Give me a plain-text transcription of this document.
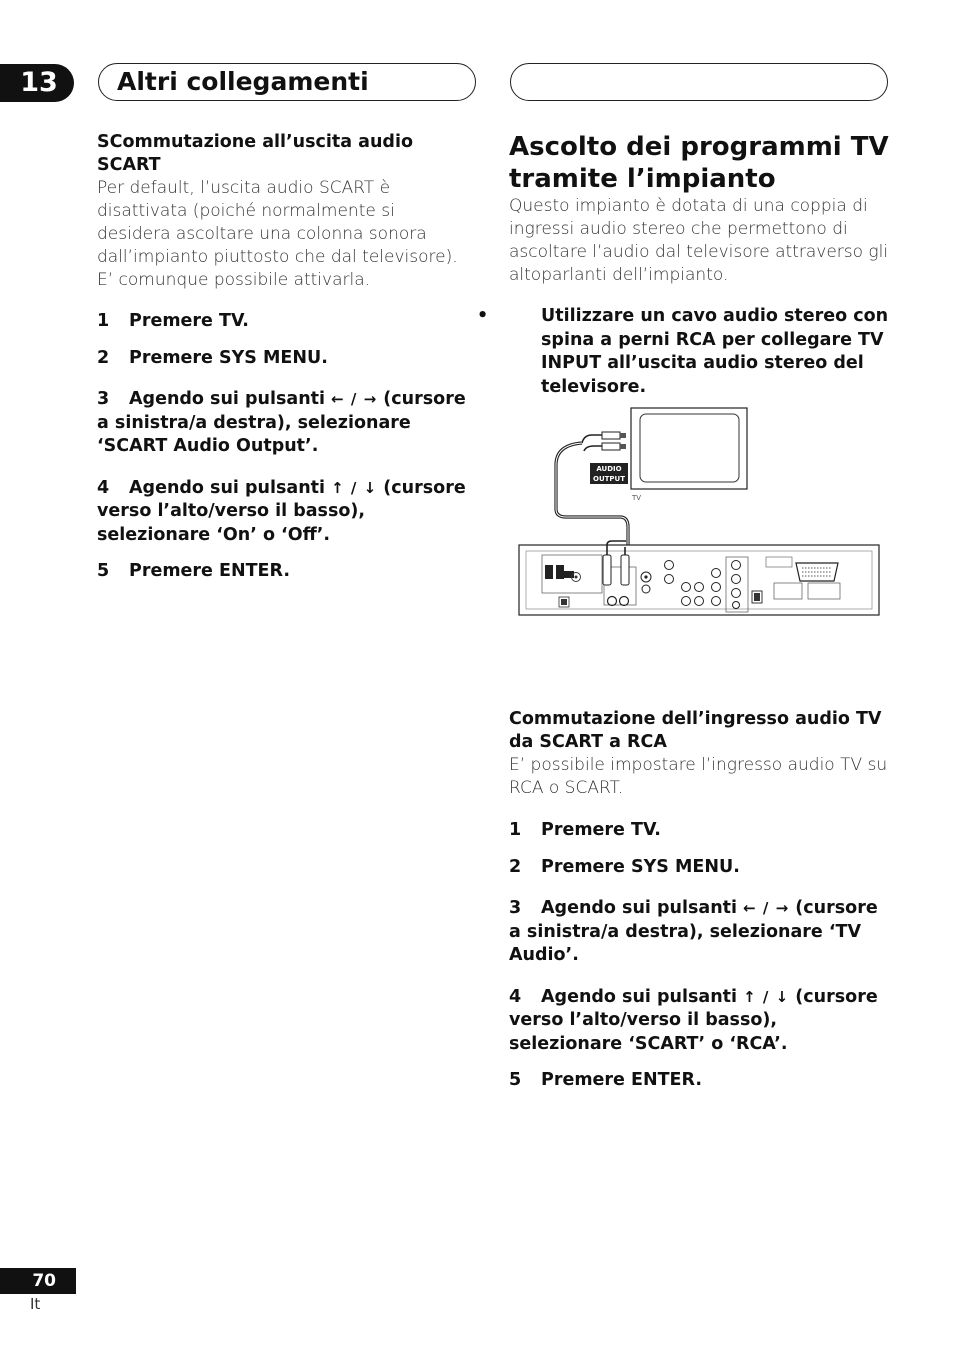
13	Altri collegamenti

SCommutazione all’uscita audio SCART

Per default, l’uscita audio SCART è disattivata (poiché normalmente si desidera ascoltare una colonna sonora dall’impianto piuttosto che dal televisore). E’ comunque possibile attivarla.

1 Premere TV.

2 Premere SYS MENU.

3 Agendo sui pulsanti ← / → (cursore a sinistra/a destra), selezionare ‘SCART Audio Output’.

4 Agendo sui pulsanti ↑ / ↓ (cursore verso l’alto/verso il basso), selezionare ‘On’ o ‘Off’.

5 Premere ENTER.

Ascolto dei programmi TV tramite l’impianto

Questo impianto è dotata di una coppia di ingressi audio stereo che permettono di ascoltare l’audio dal televisore attraverso gli altoparlanti dell’impianto.

•	Utilizzare un cavo audio stereo con spina a perni RCA per collegare TV INPUT all’uscita audio stereo del televisore.

TV
AUDIO
OUTPUT

Commutazione dell’ingresso audio TV da SCART a RCA

E’ possibile impostare l’ingresso audio TV su RCA o SCART.

1 Premere TV.

2 Premere SYS MENU.

3 Agendo sui pulsanti ← / → (cursore a sinistra/a destra), selezionare ‘TV Audio’.

4 Agendo sui pulsanti ↑ / ↓ (cursore verso l’alto/verso il basso), selezionare ‘SCART’ o ‘RCA’.

5 Premere ENTER.

70
It
